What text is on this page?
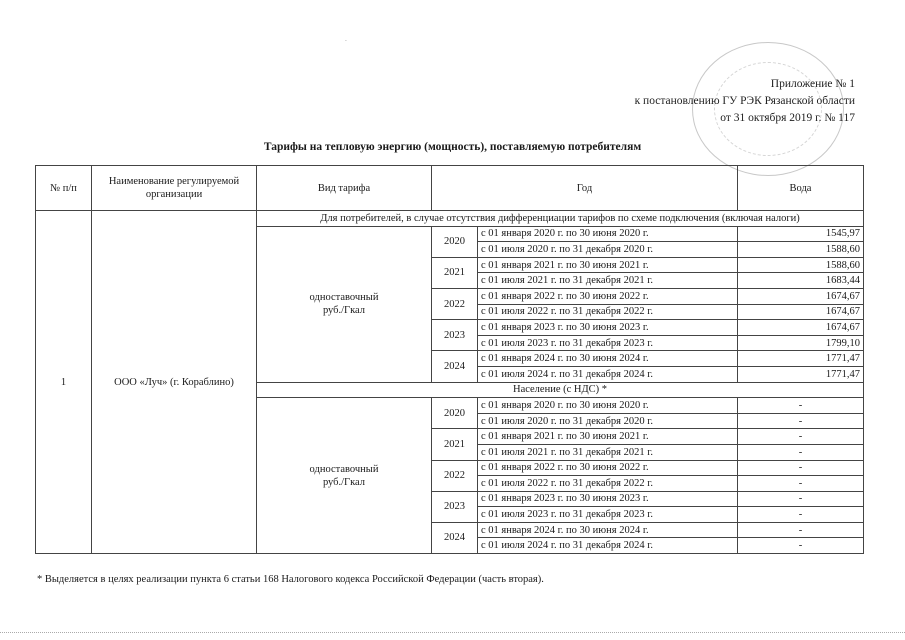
·
Приложение № 1
к постановлению ГУ РЭК Рязанской области
от 31 октября 2019 г. № 117
Тарифы на тепловую энергию (мощность), поставляемую потребителям
№ п/п	Наименование регулируемой организации	Вид тарифа	Год		Вода
1	ООО «Луч» (г. Кораблино)	Для потребителей, в случае отсутствия дифференциации тарифов по схеме подключения (включая налоги)			

		одноставочный
руб./Гкал	2020	с 01 января 2020 г. по 30 июня 2020 г.	1545,97
				с 01 июля 2020 г. по 31 декабря 2020 г.	1588,60
			2021	с 01 января 2021 г. по 30 июня 2021 г.	1588,60
				с 01 июля 2021 г. по 31 декабря 2021 г.	1683,44
			2022	с 01 января 2022 г. по 30 июня 2022 г.	1674,67
				с 01 июля 2022 г. по 31 декабря 2022 г.	1674,67
			2023	с 01 января 2023 г. по 30 июня 2023 г.	1674,67
				с 01 июля 2023 г. по 31 декабря 2023 г.	1799,10
			2024	с 01 января 2024 г. по 30 июня 2024 г.	1771,47
				с 01 июля 2024 г. по 31 декабря 2024 г.	1771,47
		Население (с НДС) *			

		одноставочный
руб./Гкал	2020	с 01 января 2020 г. по 30 июня 2020 г.	-
				с 01 июля 2020 г. по 31 декабря 2020 г.	-
			2021	с 01 января 2021 г. по 30 июня 2021 г.	-
				с 01 июля 2021 г. по 31 декабря 2021 г.	-
			2022	с 01 января 2022 г. по 30 июня 2022 г.	-
				с 01 июля 2022 г. по 31 декабря 2022 г.	-
			2023	с 01 января 2023 г. по 30 июня 2023 г.	-
				с 01 июля 2023 г. по 31 декабря 2023 г.	-
			2024	с 01 января 2024 г. по 30 июня 2024 г.	-
				с 01 июля 2024 г. по 31 декабря 2024 г.	-
* Выделяется в целях реализации пункта 6 статьи 168 Налогового кодекса Российской Федерации (часть вторая).
